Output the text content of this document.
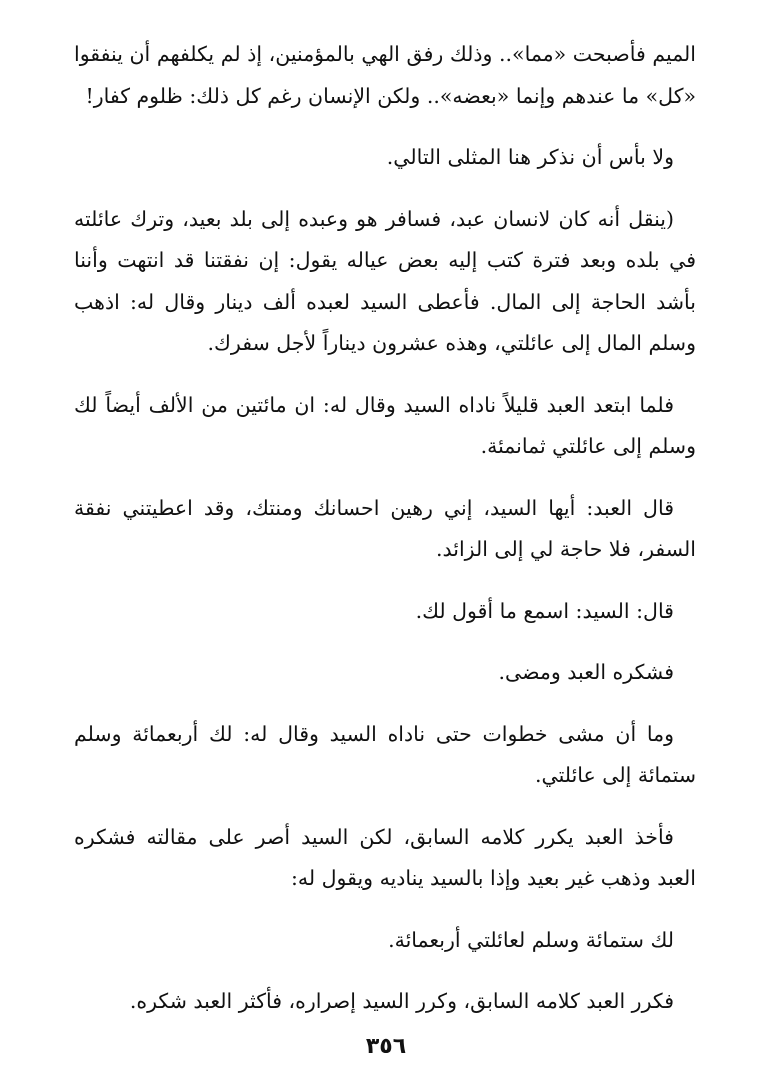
الميم فأصبحت «مما».. وذلك رفق الهي بالمؤمنين، إذ لم يكلفهم أن ينفقوا «كل» ما عندهم وإنما «بعضه».. ولكن الإنسان رغم كل ذلك: ظلوم كفار!

ولا بأس أن نذكر هنا المثلى التالي.

(ينقل أنه كان لانسان عبد، فسافر هو وعبده إلى بلد بعيد، وترك عائلته في بلده وبعد فترة كتب إليه بعض عياله يقول: إن نفقتنا قد انتهت وأننا بأشد الحاجة إلى المال. فأعطى السيد لعبده ألف دينار وقال له: اذهب وسلم المال إلى عائلتي، وهذه عشرون ديناراً لأجل سفرك.

فلما ابتعد العبد قليلاً ناداه السيد وقال له: ان مائتين من الألف أيضاً لك وسلم إلى عائلتي ثمانمئة.

قال العبد: أيها السيد، إني رهين احسانك ومنتك، وقد اعطيتني نفقة السفر، فلا حاجة لي إلى الزائد.

قال: السيد: اسمع ما أقول لك.

فشكره العبد ومضى.

وما أن مشى خطوات حتى ناداه السيد وقال له: لك أربعمائة وسلم ستمائة إلى عائلتي.

فأخذ العبد يكرر كلامه السابق، لكن السيد أصر على مقالته فشكره العبد وذهب غير بعيد وإذا بالسيد يناديه ويقول له:

لك ستمائة وسلم لعائلتي أربعمائة.

فكرر العبد كلامه السابق، وكرر السيد إصراره، فأكثر العبد شكره.

٣٥٦
